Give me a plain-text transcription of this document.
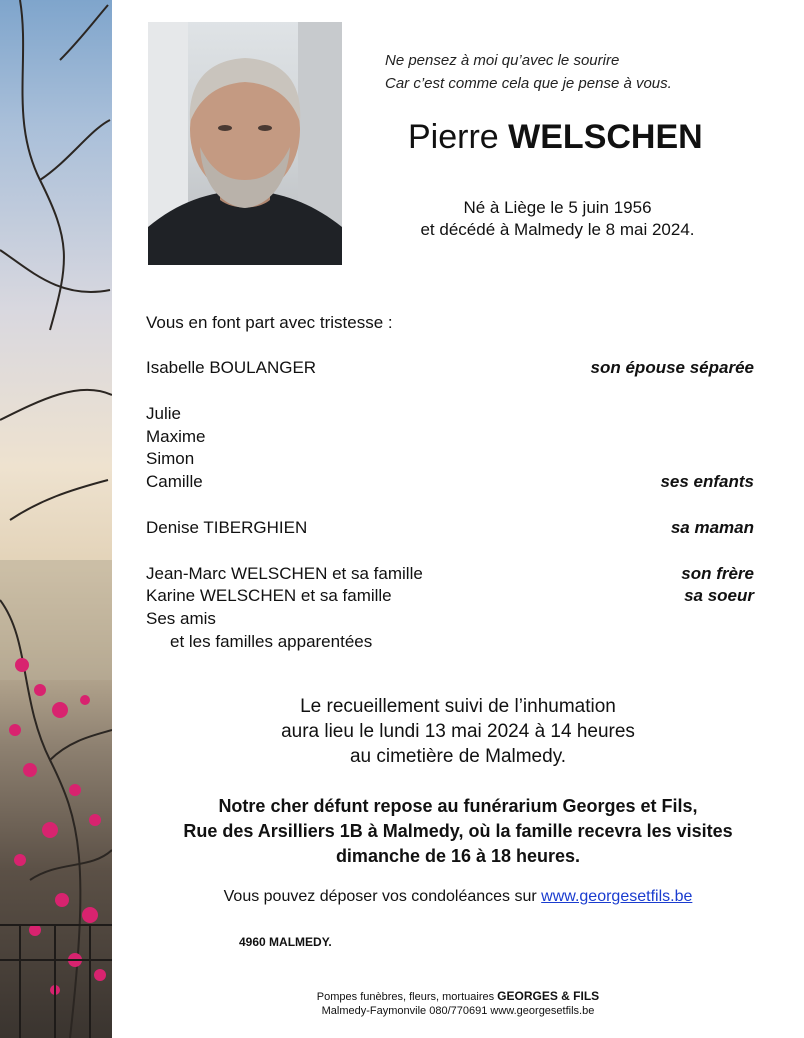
Ne pensez à moi qu’avec le sourire
Car c’est comme cela que je pense à vous.
Pierre WELSCHEN
Né à Liège le 5 juin 1956
et décédé à Malmedy le 8 mai 2024.
Vous en font part avec tristesse :
Isabelle BOULANGER	son épouse séparée
Julie
Maxime
Simon
Camille	ses enfants
Denise TIBERGHIEN	sa maman
Jean-Marc WELSCHEN et sa famille	son frère
Karine WELSCHEN et sa famille	sa soeur
Ses amis
et les familles apparentées
Le recueillement suivi de l’inhumation
aura lieu le lundi 13 mai 2024 à 14 heures
au cimetière de Malmedy.
Notre cher défunt repose au funérarium Georges et Fils,
Rue des Arsilliers 1B à Malmedy, où la famille recevra les visites
dimanche de 16 à 18 heures.
Vous pouvez déposer vos condoléances sur www.georgesetfils.be
4960 MALMEDY.
Pompes funèbres, fleurs, mortuaires GEORGES & FILS
Malmedy-Faymonvile 080/770691 www.georgesetfils.be
